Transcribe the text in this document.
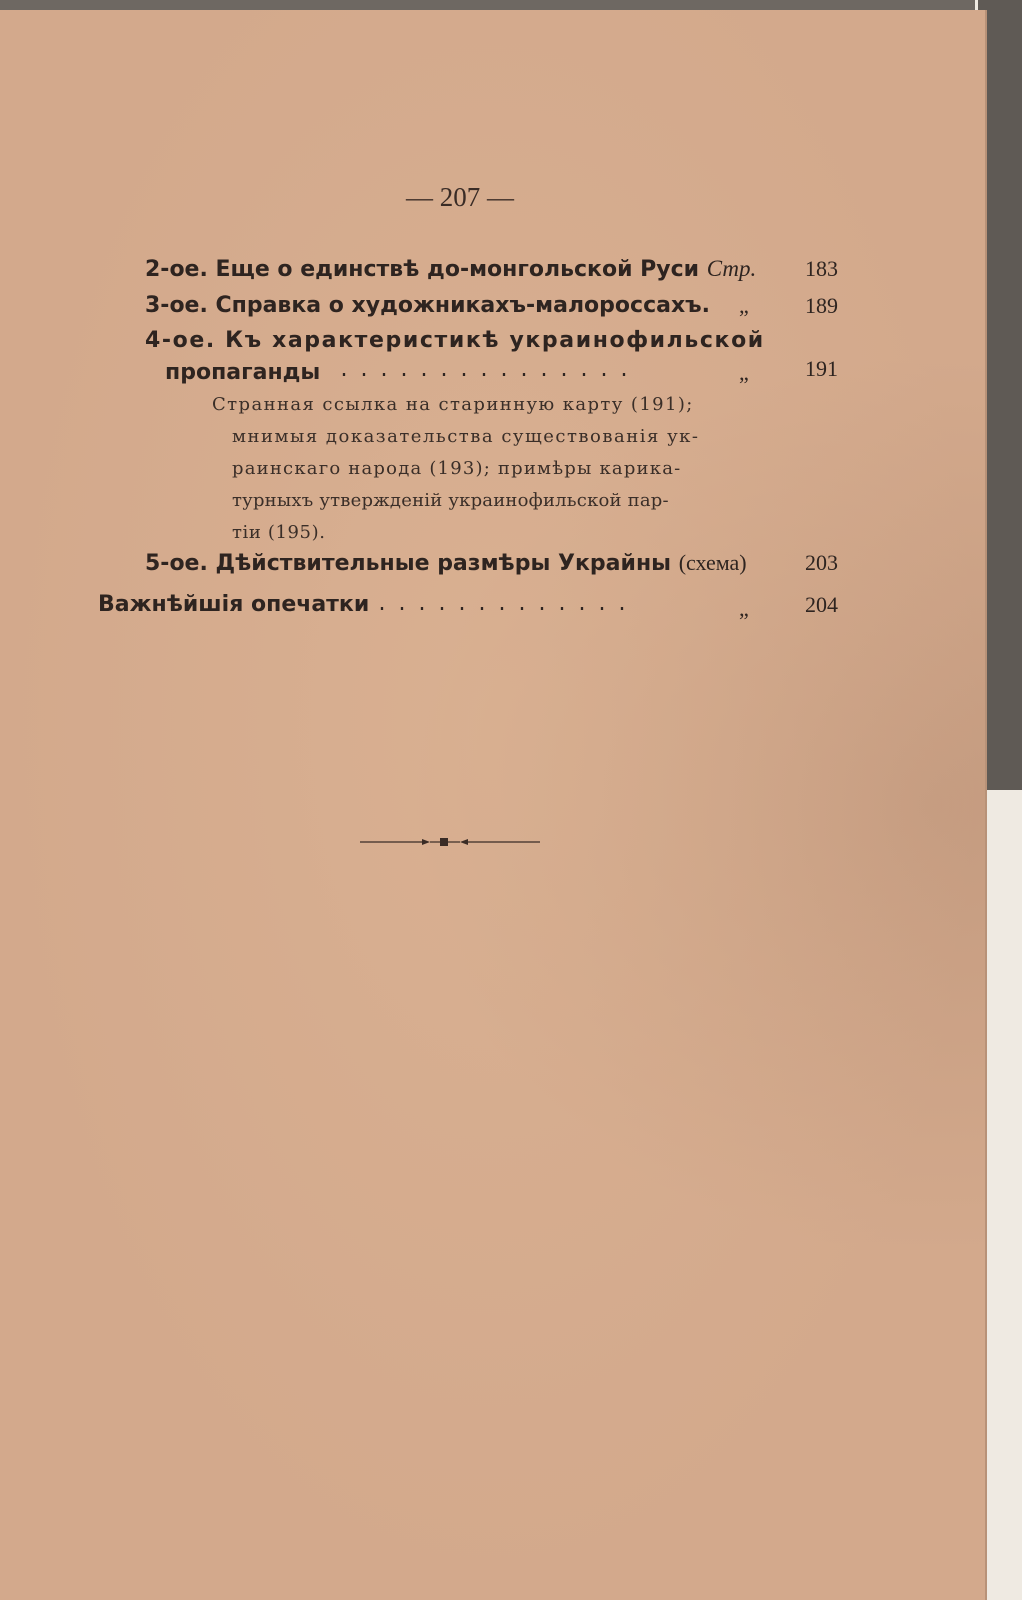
— 207 —
2-ое. Еще о единствѣ до-монгольской Руси Стр.	183
3-ое. Справка о художникахъ-малороссахъ. „	189
4-ое. Къ характеристикѣ украинофильской
пропаганды ...............	„	191
Странная ссылка на старинную карту (191);
мнимыя доказательства существованія ук-
раинскаго народа (193); примѣры карика-
турныхъ утвержденій украинофильской пар-
тіи (195).
5-ое. Дѣйствительные размѣры Украйны (схема)	203
Важнѣйшія опечатки .............	„	204
